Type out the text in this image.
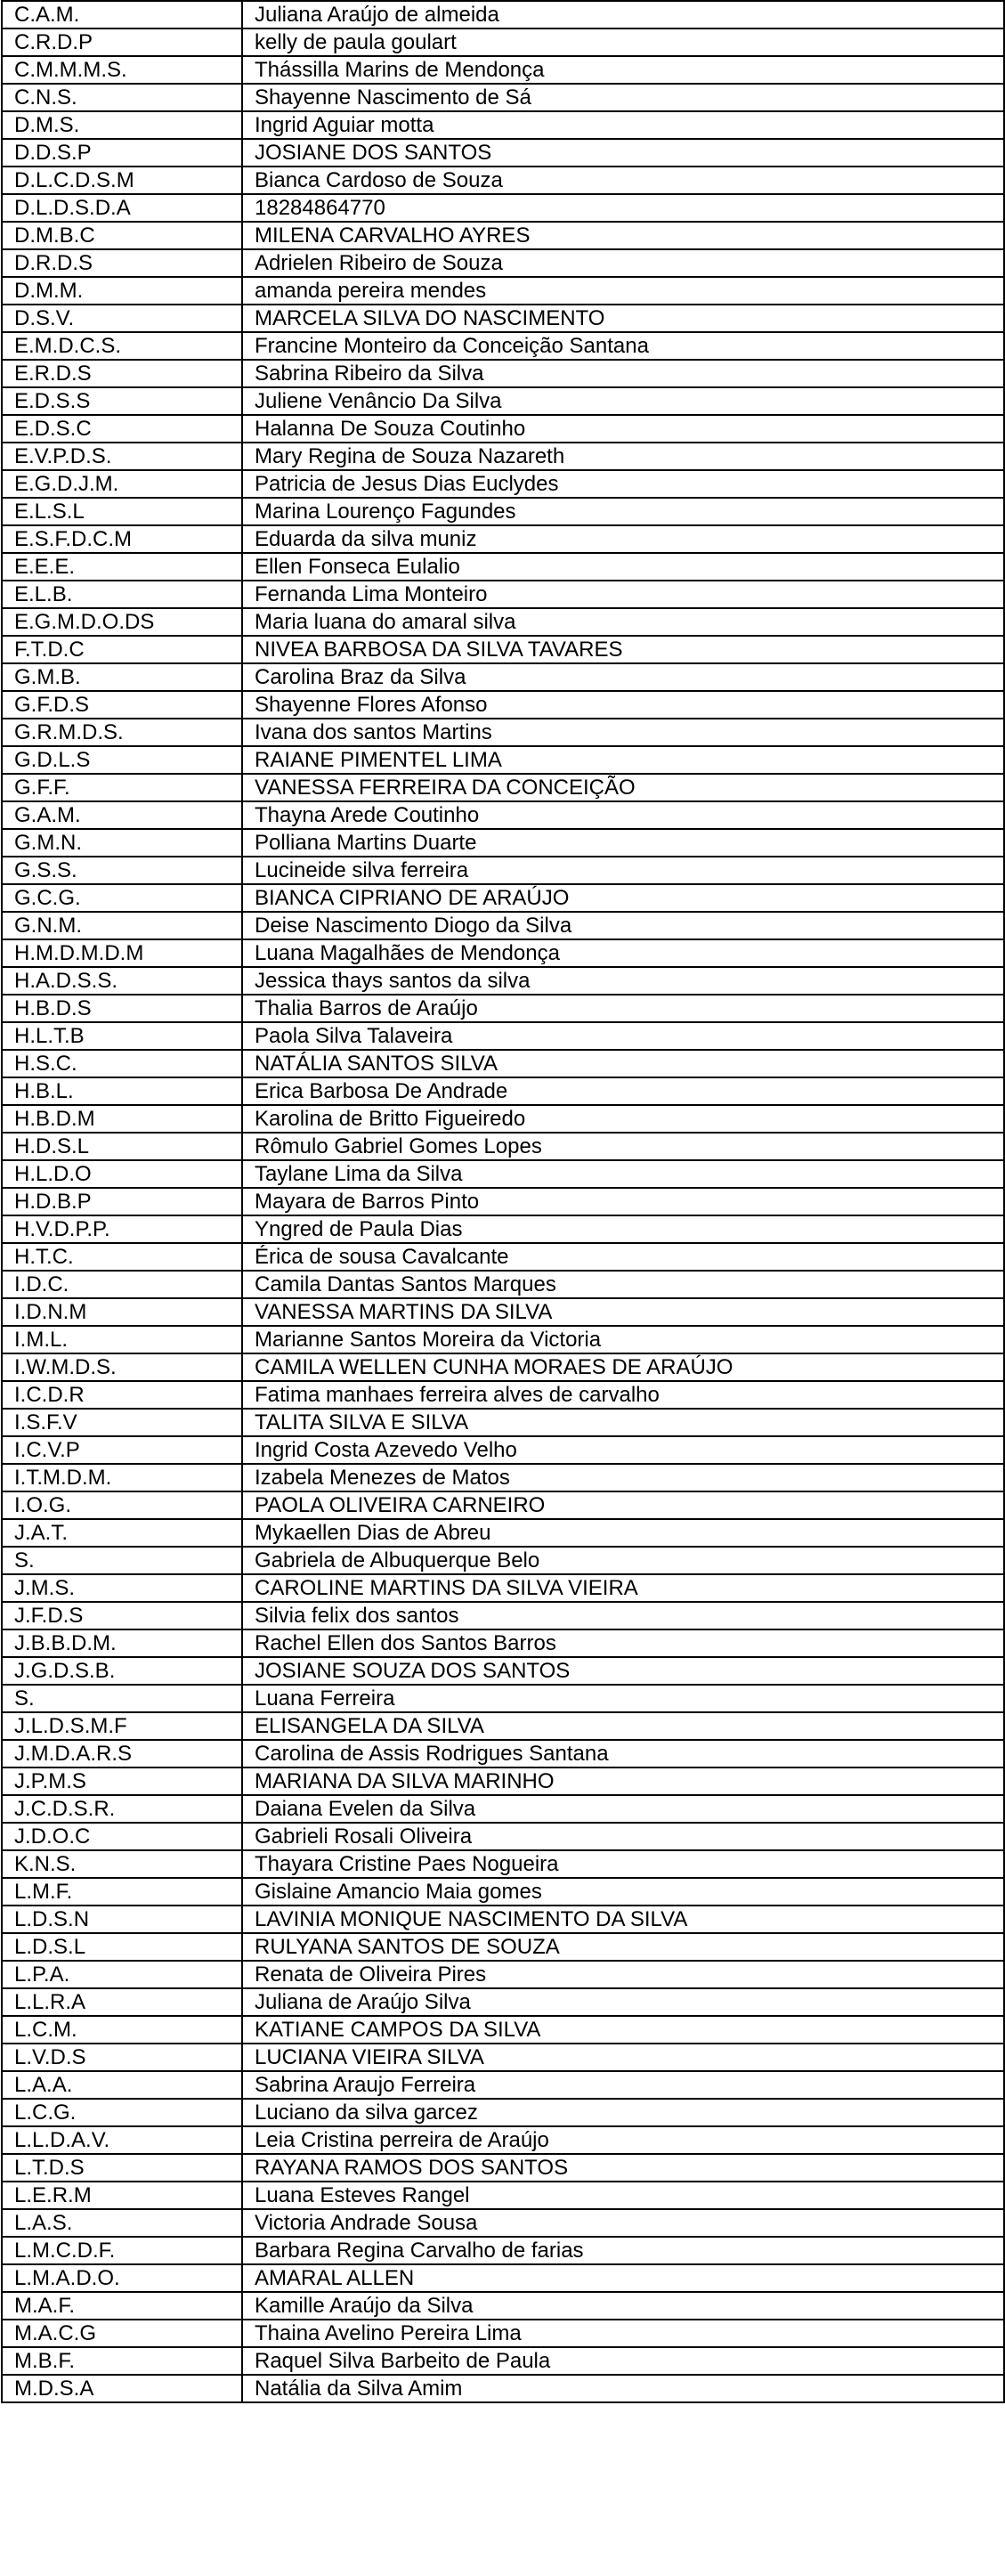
C.A.M.	Juliana Araújo de almeida
C.R.D.P	kelly de paula goulart
C.M.M.M.S.	Thássilla Marins de Mendonça
C.N.S.	Shayenne Nascimento de Sá
D.M.S.	Ingrid Aguiar motta
D.D.S.P	JOSIANE DOS SANTOS
D.L.C.D.S.M	Bianca Cardoso de Souza
D.L.D.S.D.A	18284864770
D.M.B.C	MILENA CARVALHO AYRES
D.R.D.S	Adrielen Ribeiro de Souza
D.M.M.	amanda pereira mendes
D.S.V.	MARCELA SILVA DO NASCIMENTO
E.M.D.C.S.	Francine Monteiro da Conceição Santana
E.R.D.S	Sabrina Ribeiro da Silva
E.D.S.S	Juliene Venâncio Da Silva
E.D.S.C	Halanna De Souza Coutinho
E.V.P.D.S.	Mary Regina de Souza Nazareth
E.G.D.J.M.	Patricia de Jesus Dias Euclydes
E.L.S.L	Marina Lourenço Fagundes
E.S.F.D.C.M	Eduarda da silva muniz
E.E.E.	Ellen Fonseca Eulalio
E.L.B.	Fernanda Lima Monteiro
E.G.M.D.O.DS	Maria luana do amaral silva
F.T.D.C	NIVEA BARBOSA DA SILVA TAVARES
G.M.B.	Carolina Braz da Silva
G.F.D.S	Shayenne Flores Afonso
G.R.M.D.S.	Ivana dos santos Martins
G.D.L.S	RAIANE PIMENTEL LIMA
G.F.F.	VANESSA FERREIRA DA CONCEIÇÃO
G.A.M.	Thayna Arede Coutinho
G.M.N.	Polliana Martins Duarte
G.S.S.	Lucineide silva ferreira
G.C.G.	BIANCA CIPRIANO DE ARAÚJO
G.N.M.	Deise Nascimento Diogo da Silva
H.M.D.M.D.M	Luana Magalhães de Mendonça
H.A.D.S.S.	Jessica thays santos da silva
H.B.D.S	Thalia Barros de Araújo
H.L.T.B	Paola Silva Talaveira
H.S.C.	NATÁLIA SANTOS SILVA
H.B.L.	Erica Barbosa De Andrade
H.B.D.M	Karolina de Britto Figueiredo
H.D.S.L	Rômulo Gabriel Gomes Lopes
H.L.D.O	Taylane Lima da Silva
H.D.B.P	Mayara de Barros Pinto
H.V.D.P.P.	Yngred de Paula Dias
H.T.C.	Érica de sousa Cavalcante
I.D.C.	Camila Dantas Santos Marques
I.D.N.M	VANESSA MARTINS DA SILVA
I.M.L.	Marianne Santos Moreira da Victoria
I.W.M.D.S.	CAMILA WELLEN CUNHA MORAES DE ARAÚJO
I.C.D.R	Fatima manhaes ferreira alves de carvalho
I.S.F.V	TALITA SILVA E SILVA
I.C.V.P	Ingrid Costa Azevedo Velho
I.T.M.D.M.	Izabela Menezes de Matos
I.O.G.	PAOLA OLIVEIRA CARNEIRO
J.A.T.	Mykaellen Dias de Abreu
S.	Gabriela de Albuquerque Belo
J.M.S.	CAROLINE MARTINS DA SILVA VIEIRA
J.F.D.S	Silvia felix dos santos
J.B.B.D.M.	Rachel Ellen dos Santos Barros
J.G.D.S.B.	JOSIANE SOUZA DOS SANTOS
S.	Luana Ferreira
J.L.D.S.M.F	ELISANGELA DA SILVA
J.M.D.A.R.S	Carolina de Assis Rodrigues Santana
J.P.M.S	MARIANA DA SILVA MARINHO
J.C.D.S.R.	Daiana Evelen da Silva
J.D.O.C	Gabrieli Rosali Oliveira
K.N.S.	Thayara Cristine Paes Nogueira
L.M.F.	Gislaine Amancio Maia gomes
L.D.S.N	LAVINIA MONIQUE NASCIMENTO DA SILVA
L.D.S.L	RULYANA SANTOS DE SOUZA
L.P.A.	Renata de Oliveira Pires
L.L.R.A	Juliana de Araújo Silva
L.C.M.	KATIANE CAMPOS DA SILVA
L.V.D.S	LUCIANA VIEIRA SILVA
L.A.A.	Sabrina Araujo Ferreira
L.C.G.	Luciano da silva garcez
L.L.D.A.V.	Leia Cristina perreira de Araújo
L.T.D.S	RAYANA RAMOS DOS SANTOS
L.E.R.M	Luana Esteves Rangel
L.A.S.	Victoria Andrade Sousa
L.M.C.D.F.	Barbara Regina Carvalho de farias
L.M.A.D.O.	AMARAL ALLEN
M.A.F.	Kamille Araújo da Silva
M.A.C.G	Thaina Avelino Pereira Lima
M.B.F.	Raquel Silva Barbeito de Paula
M.D.S.A	Natália da Silva Amim
